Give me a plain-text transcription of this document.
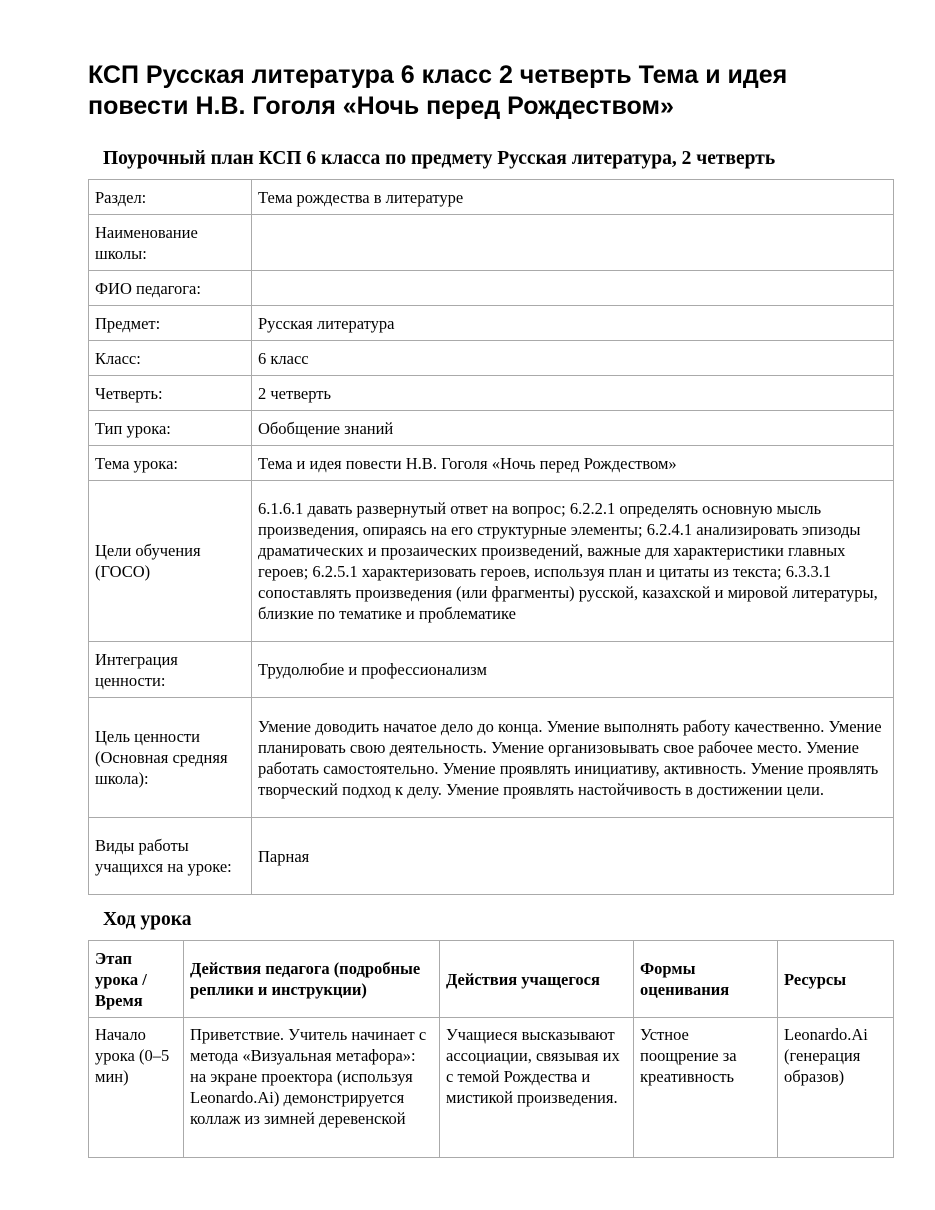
КСП Русская литература 6 класс 2 четверть Тема и идея повести Н.В. Гоголя «Ночь перед Рождеством»
Поурочный план КСП 6 класса по предмету Русская литература, 2 четверть
Раздел:	Тема рождества в литературе
Наименование школы:	
ФИО педагога:	
Предмет:	Русская литература
Класс:	6 класс
Четверть:	2 четверть
Тип урока:	Обобщение знаний
Тема урока:	Тема и идея повести Н.В. Гоголя «Ночь перед Рождеством»
Цели обучения (ГОСО)	6.1.6.1 давать развернутый ответ на вопрос; 6.2.2.1 определять основную мысль произведения, опираясь на его структурные элементы; 6.2.4.1 анализировать эпизоды драматических и прозаических произведений, важные для характеристики главных героев; 6.2.5.1 характеризовать героев, используя план и цитаты из текста; 6.3.3.1 сопоставлять произведения (или фрагменты) русской, казахской и мировой литературы, близкие по тематике и проблематике
Интеграция ценности:	Трудолюбие и профессионализм
Цель ценности (Основная средняя школа):	Умение доводить начатое дело до конца. Умение выполнять работу качественно. Умение планировать свою деятельность. Умение организовывать свое рабочее место. Умение работать самостоятельно. Умение проявлять инициативу, активность. Умение проявлять творческий подход к делу. Умение проявлять настойчивость в достижении цели.
Виды работы учащихся на уроке:	Парная
Ход урока
Этап урока / Время	Действия педагога (подробные реплики и инструкции)	Действия учащегося	Формы оценивания	Ресурсы
Начало урока (0–5 мин)	Приветствие. Учитель начинает с метода «Визуальная метафора»: на экране проектора (используя Leonardo.Ai) демонстрируется коллаж из зимней деревенской	Учащиеся высказывают ассоциации, связывая их с темой Рождества и мистикой произведения.	Устное поощрение за креативность	Leonardo.Ai (генерация образов)
